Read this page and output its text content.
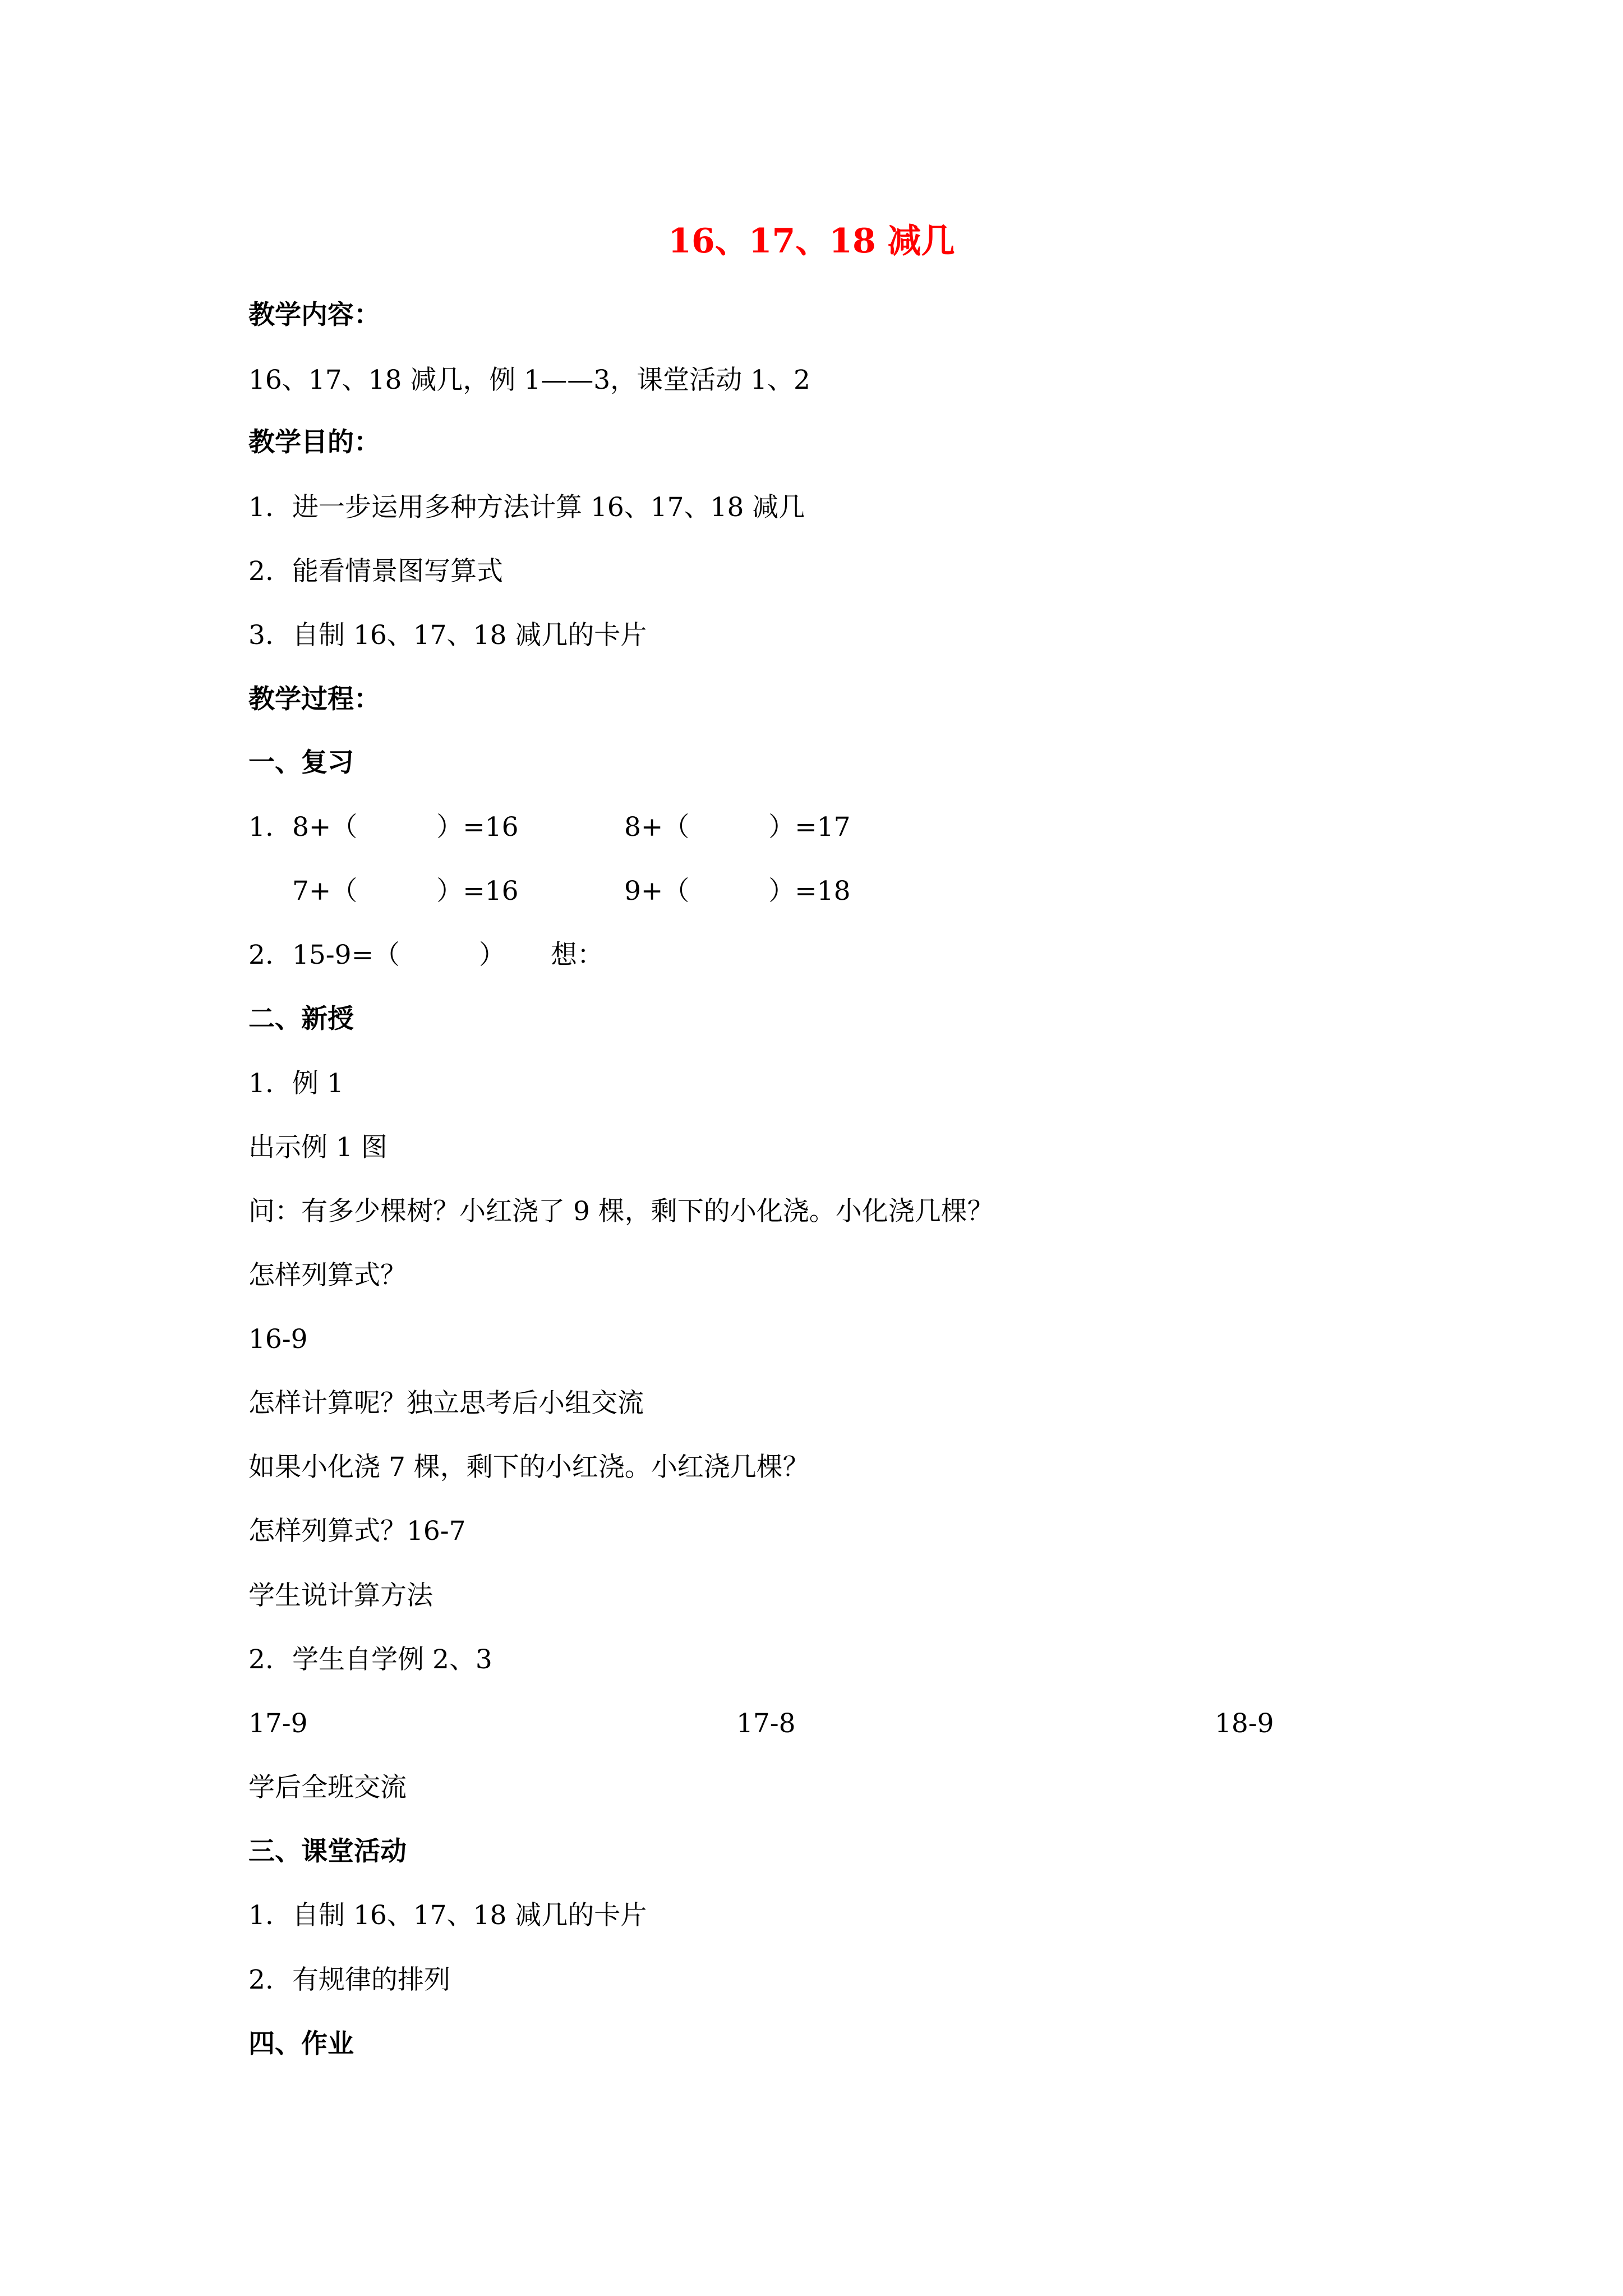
16、17、18 减几
教学内容：
16、17、18 减几，例 1——3，课堂活动 1、2
教学目的：
1. 进一步运用多种方法计算 16、17、18 减几
2. 能看情景图写算式
3. 自制 16、17、18 减几的卡片
教学过程：
一、复习
1. 8+（　　　）=16	8+（　　　）=17
7+（　　　）=16	9+（　　　）=18
2. 15-9=（　　　） 想：
二、新授
1. 例 1
出示例 1 图
问：有多少棵树？小红浇了 9 棵，剩下的小化浇。小化浇几棵？
怎样列算式？
16-9
怎样计算呢？独立思考后小组交流
如果小化浇 7 棵，剩下的小红浇。小红浇几棵？
怎样列算式？16-7
学生说计算方法
2. 学生自学例 2、3
17-9	17-8	18-9
学后全班交流
三、课堂活动
1. 自制 16、17、18 减几的卡片
2. 有规律的排列
四、作业
